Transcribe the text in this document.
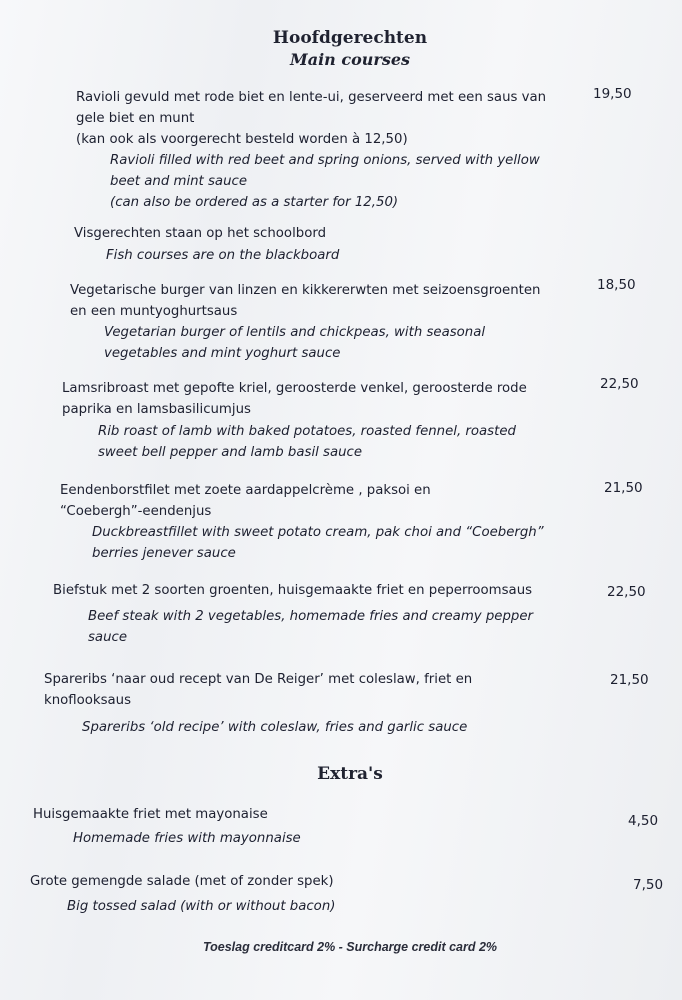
Hoofdgerechten
Main courses
Ravioli gevuld met rode biet en lente-ui, geserveerd met een saus van
gele biet en munt
(kan ook als voorgerecht besteld worden à 12,50)
Ravioli filled with red beet and spring onions, served with yellow
beet and mint sauce
(can also be ordered as a starter for 12,50)
19,50
Visgerechten staan op het schoolbord
Fish courses are on the blackboard
Vegetarische burger van linzen en kikkererwten met seizoensgroenten
en een muntyoghurtsaus
Vegetarian burger of lentils and chickpeas, with seasonal
vegetables and mint yoghurt sauce
18,50
Lamsribroast met gepofte kriel, geroosterde venkel, geroosterde rode
paprika en lamsbasilicumjus
Rib roast of lamb with baked potatoes, roasted fennel, roasted
sweet bell pepper and lamb basil sauce
22,50
Eendenborstfilet met zoete aardappelcrème , paksoi en
“Coebergh”-eendenjus
Duckbreastfillet with sweet potato cream, pak choi and “Coebergh”
berries jenever sauce
21,50
Biefstuk met 2 soorten groenten, huisgemaakte friet en peperroomsaus
Beef steak with 2 vegetables, homemade fries and creamy pepper
sauce
22,50
Spareribs ‘naar oud recept van De Reiger’ met coleslaw, friet en
knoflooksaus
Spareribs ‘old recipe’ with coleslaw, fries and garlic sauce
21,50
Extra's
Huisgemaakte friet met mayonaise
Homemade fries with mayonnaise
4,50
Grote gemengde salade (met of zonder spek)
Big tossed salad (with or without bacon)
7,50
Toeslag creditcard 2% - Surcharge credit card 2%
